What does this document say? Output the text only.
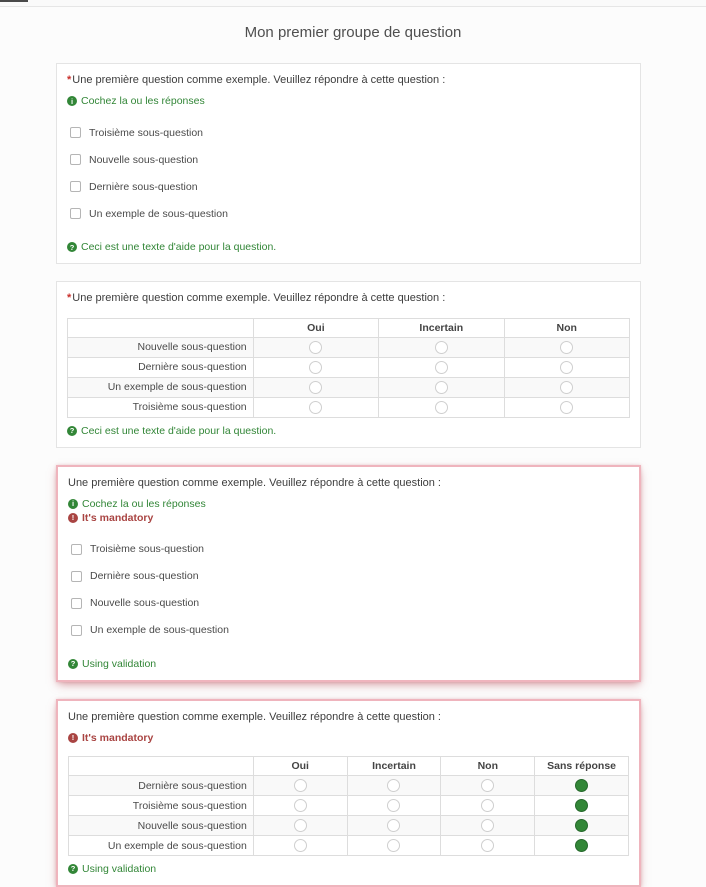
Mon premier groupe de question
*Une première question comme exemple. Veuillez répondre à cette question :
i Cochez la ou les réponses
Troisième sous-question
Nouvelle sous-question
Dernière sous-question
Un exemple de sous-question
? Ceci est une texte d'aide pour la question.
*Une première question comme exemple. Veuillez répondre à cette question :
	Oui	Incertain	Non
Nouvelle sous-question			
Dernière sous-question			
Un exemple de sous-question			
Troisième sous-question			
? Ceci est une texte d'aide pour la question.
Une première question comme exemple. Veuillez répondre à cette question :
i Cochez la ou les réponses
! It's mandatory
Troisième sous-question
Dernière sous-question
Nouvelle sous-question
Un exemple de sous-question
? Using validation
Une première question comme exemple. Veuillez répondre à cette question :
! It's mandatory
	Oui	Incertain	Non	Sans réponse
Dernière sous-question				
Troisième sous-question				
Nouvelle sous-question				
Un exemple de sous-question				
? Using validation
